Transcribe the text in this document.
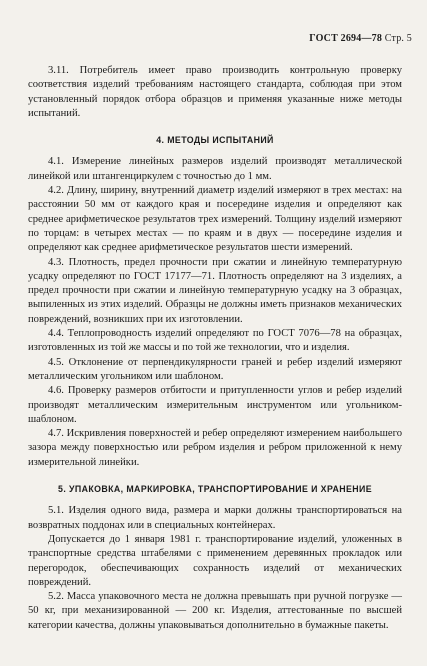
ГОСТ 2694—78 Стр. 5

3.11. Потребитель имеет право производить контрольную проверку соответствия изделий требованиям настоящего стандарта, соблюдая при этом установленный порядок отбора образцов и применяя указанные ниже методы испытаний.

4. МЕТОДЫ ИСПЫТАНИЙ

4.1. Измерение линейных размеров изделий производят металлической линейкой или штангенциркулем с точностью до 1 мм.

4.2. Длину, ширину, внутренний диаметр изделий измеряют в трех местах: на расстоянии 50 мм от каждого края и посередине изделия и определяют как среднее арифметическое результатов трех измерений. Толщину изделий измеряют по торцам: в четырех местах — по краям и в двух — посередине изделия и определяют как среднее арифметическое результатов шести измерений.

4.3. Плотность, предел прочности при сжатии и линейную температурную усадку определяют по ГОСТ 17177—71. Плотность определяют на 3 изделиях, а предел прочности при сжатии и линейную температурную усадку на 3 образцах, выпиленных из этих изделий. Образцы не должны иметь признаков механических повреждений, возникших при их изготовлении.

4.4. Теплопроводность изделий определяют по ГОСТ 7076—78 на образцах, изготовленных из той же массы и по той же технологии, что и изделия.

4.5. Отклонение от перпендикулярности граней и ребер изделий измеряют металлическим угольником или шаблоном.

4.6. Проверку размеров отбитости и притупленности углов и ребер изделий производят металлическим измерительным инструментом или угольником-шаблоном.

4.7. Искривления поверхностей и ребер определяют измерением наибольшего зазора между поверхностью или ребром изделия и ребром приложенной к нему измерительной линейки.

5. УПАКОВКА, МАРКИРОВКА, ТРАНСПОРТИРОВАНИЕ И ХРАНЕНИЕ

5.1. Изделия одного вида, размера и марки должны транспортироваться на возвратных поддонах или в специальных контейнерах.

Допускается до 1 января 1981 г. транспортирование изделий, уложенных в транспортные средства штабелями с применением деревянных прокладок или перегородок, обеспечивающих сохранность изделий от механических повреждений.

5.2. Масса упаковочного места не должна превышать при ручной погрузке — 50 кг, при механизированной — 200 кг. Изделия, аттестованные по высшей категории качества, должны упаковываться дополнительно в бумажные пакеты.
